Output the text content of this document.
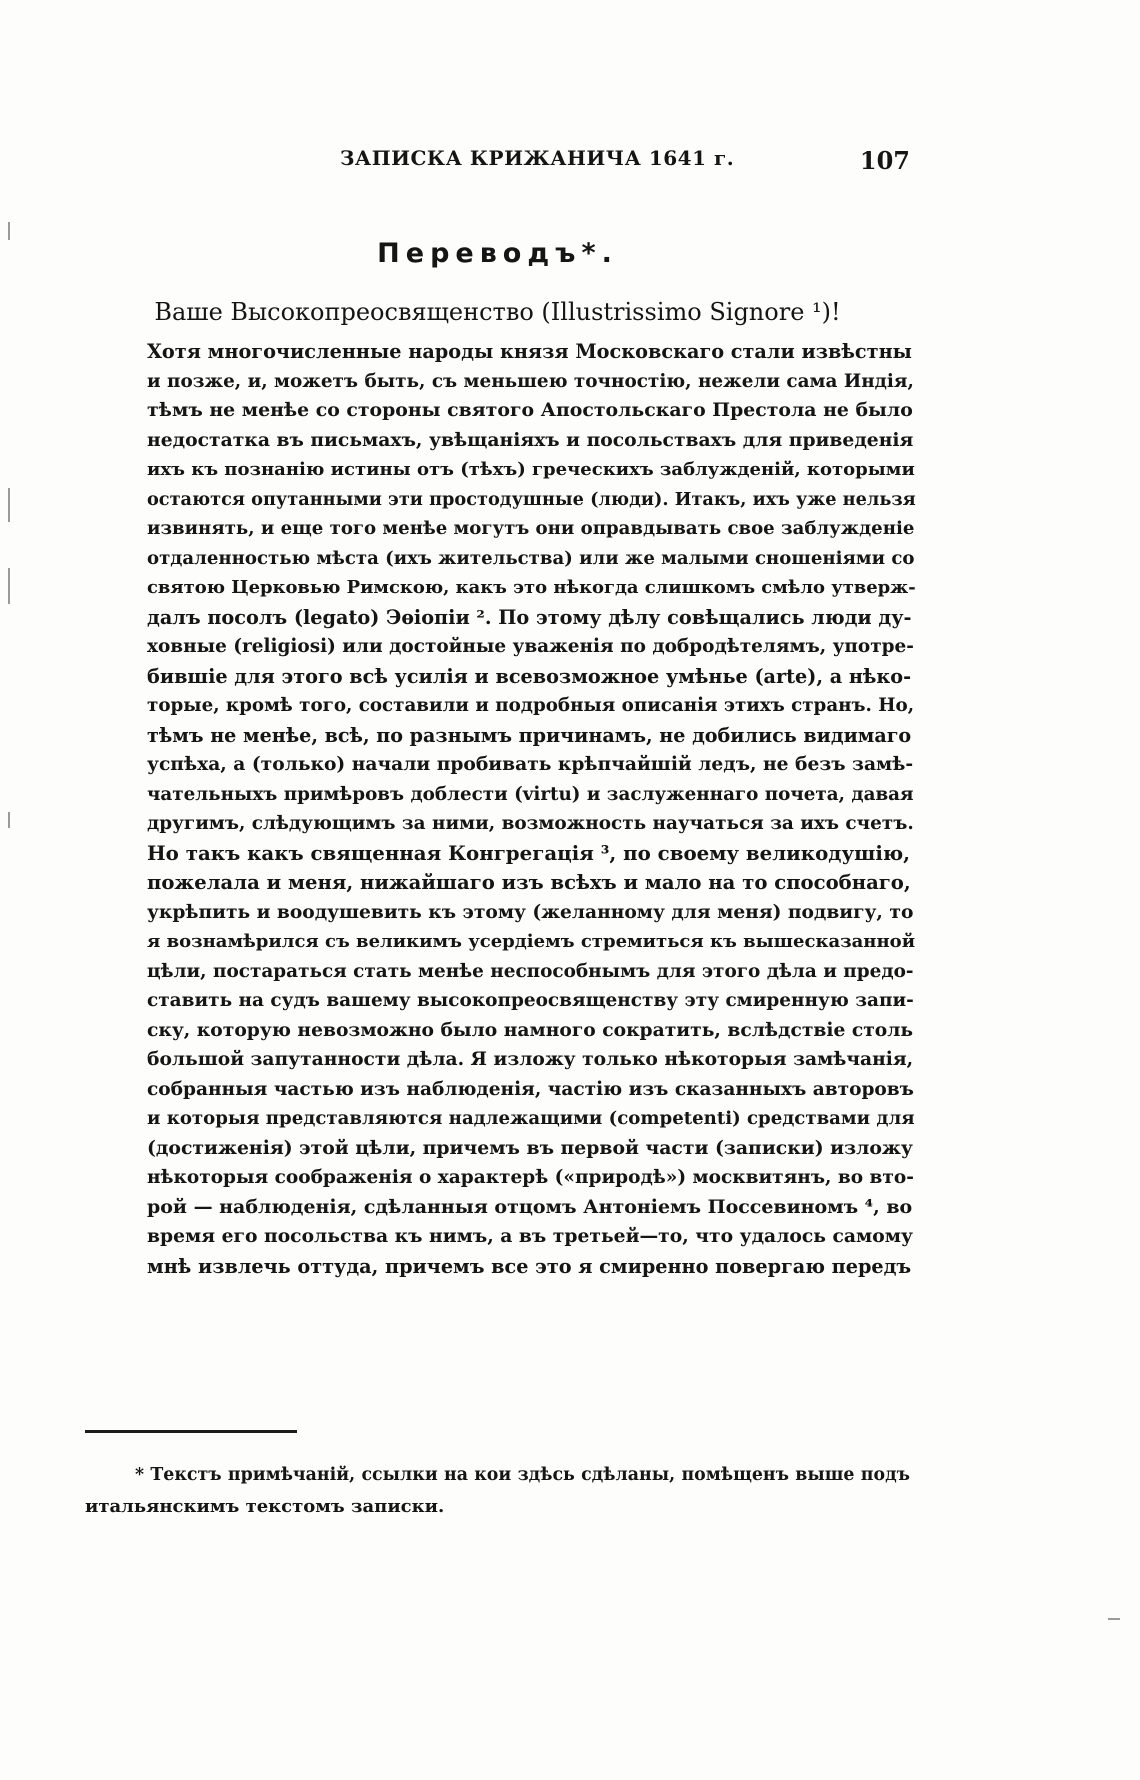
ЗАПИСКА КРИЖАНИЧА 1641 г.	107
Переводъ*.
Ваше Высокопреосвященство (Illustrissimo Signore ¹)!

Хотя многочисленные народы князя Московскаго стали извѣстны
и позже, и, можетъ быть, съ меньшею точностію, нежели сама Индія,
тѣмъ не менѣе со стороны святого Апостольскаго Престола не было
недостатка въ письмахъ, увѣщаніяхъ и посольствахъ для приведенія
ихъ къ познанію истины отъ (тѣхъ) греческихъ заблужденій, которыми
остаются опутанными эти простодушные (люди). Итакъ, ихъ уже нельзя
извинять, и еще того менѣе могутъ они оправдывать свое заблужденіе
отдаленностью мѣста (ихъ жительства) или же малыми сношеніями со
святою Церковью Римскою, какъ это нѣкогда слишкомъ смѣло утверж-
далъ посолъ (legato) Эѳіопіи ². По этому дѣлу совѣщались люди ду-
ховные (religiosi) или достойные уваженія по добродѣтелямъ, употре-
бившіе для этого всѣ усилія и всевозможное умѣнье (arte), а нѣко-
торые, кромѣ того, составили и подробныя описанія этихъ странъ. Но,
тѣмъ не менѣе, всѣ, по разнымъ причинамъ, не добились видимаго
успѣха, а (только) начали пробивать крѣпчайшій ледъ, не безъ замѣ-
чательныхъ примѣровъ доблести (virtu) и заслуженнаго почета, давая
другимъ, слѣдующимъ за ними, возможность научаться за ихъ счетъ.

Но такъ какъ священная Конгрегація ³, по своему великодушію,
пожелала и меня, нижайшаго изъ всѣхъ и мало на то способнаго,
укрѣпить и воодушевить къ этому (желанному для меня) подвигу, то
я вознамѣрился съ великимъ усердіемъ стремиться къ вышесказанной
цѣли, постараться стать менѣе неспособнымъ для этого дѣла и предо-
ставить на судъ вашему высокопреосвященству эту смиренную запи-
ску, которую невозможно было намного сократить, вслѣдствіе столь
большой запутанности дѣла. Я изложу только нѣкоторыя замѣчанія,
собранныя частью изъ наблюденія, частію изъ сказанныхъ авторовъ
и которыя представляются надлежащими (competenti) средствами для
(достиженія) этой цѣли, причемъ въ первой части (записки) изложу
нѣкоторыя соображенія о характерѣ («природѣ») москвитянъ, во вто-
рой — наблюденія, сдѣланныя отцомъ Антоніемъ Поссевиномъ ⁴, во
время его посольства къ нимъ, а въ третьей—то, что удалось самому
мнѣ извлечь оттуда, причемъ все это я смиренно повергаю передъ

* Текстъ примѣчаній, ссылки на кои здѣсь сдѣланы, помѣщенъ выше подъ
итальянскимъ текстомъ записки.
